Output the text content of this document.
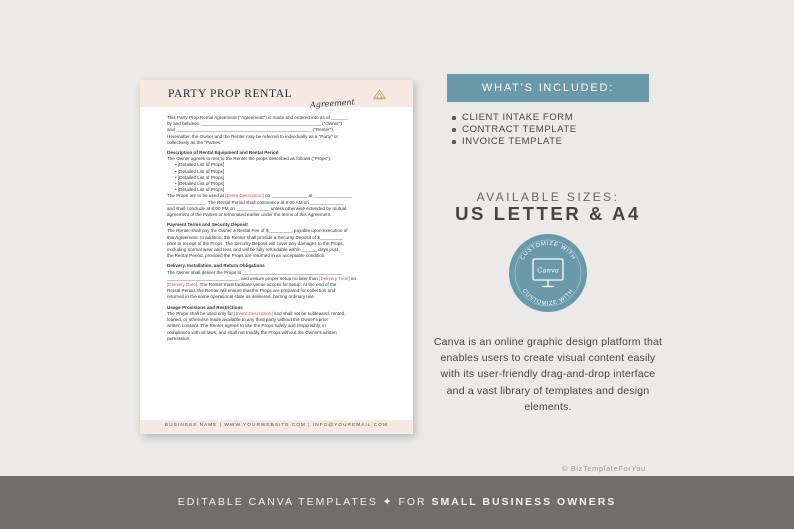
PARTY PROP RENTAL
Agreement

This Party Prop Rental Agreement ("Agreement") is made and entered into as of ______,

by and between _______________________________________________ ("Owner")

and _____________________________________________________ ("Renter").

Hereinafter, the Owner and the Renter may be referred to individually as a "Party" or

collectively as the "Parties."

Description of Rental Equipment and Rental Period

The Owner agrees to rent to the Renter the props described as follows ("Props"):

• [Detailed List of Props]

• [Detailed List of Props]

• [Detailed List of Props]

• [Detailed List of Props]

• [Detailed List of Props]

The Props are to be used at [Event Description] on ______________ at _______________

_______________. The Rental Period shall commence at 8:00 AM on _____________

and shall conclude at 8:00 PM on _____________ unless otherwise extended by mutual

agreement of the Parties or terminated earlier under the terms of this Agreement.

Payment Terms and Security Deposit

The Renter shall pay the Owner a Rental Fee of $_________, payable upon execution of

this Agreement. In addition, the Renter shall provide a Security Deposit of $_________

prior to receipt of the Props. The Security Deposit will cover any damages to the Props,

excluding normal wear and tear, and will be fully refundable within ______ days post

the Rental Period, provided the Props are returned in an acceptable condition.

Delivery, Installation, and Return Obligations

The Owner shall deliver the Props to _______________________________________

____________________________, and ensure proper setup no later than [Delivery Time] on

[Delivery Date]. The Renter must facilitate venue access for setup. At the end of the

Rental Period, the Renter will ensure that the Props are prepared for collection and

returned in the same operational state as delivered, barring ordinary use.

Usage Provisions and Restrictions

The Props shall be used only for [Event Description] and shall not be subleased, rented,

loaned, or otherwise made available to any third party without the Owner's prior

written consent. The Renter agrees to use the Props safely and responsibly, in

compliance with all laws, and shall not modify the Props without the Owner's written

permission.

BUSINESS NAME | WWW.YOURWEBSITE.COM | INFO@YOUREMAIL.COM
WHAT'S INCLUDED:
CLIENT INTAKE FORM
CONTRACT TEMPLATE
INVOICE TEMPLATE
AVAILABLE SIZES:
US LETTER & A4
CUSTOMIZE WITH
CUSTOMIZE WITH
Canva
Canva is an online graphic design platform that enables users to create visual content easily with its user-friendly drag-and-drop interface and a vast library of templates and design elements.
© BizTemplateForYou
EDITABLE CANVA TEMPLATES ✦ FOR SMALL BUSINESS OWNERS
